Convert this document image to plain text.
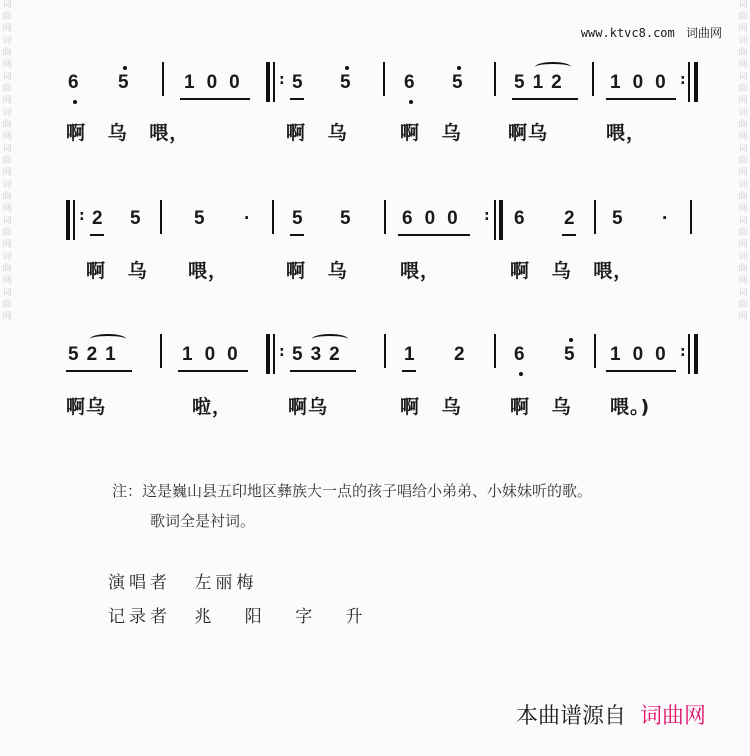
词
曲
网
词
曲
网
词
曲
网
词
曲
网
词
曲
网
词
曲
网
词
曲
网
词
曲
网
词
曲
网
词
曲
网
词
曲
网
词
曲
网
词
曲
网
词
曲
网
词
曲
网
词
曲
网
词
曲
网
词
曲
网
www.ktvc8.com 词曲网
6 5	100 : 5 5	6 5	512 100 :
啊 乌 喂，	啊 乌	啊 乌 啊乌	喂，
: 2 5	5 · 5 5	600 : 6 2 5 ·
啊 乌 喂，	啊 乌	喂，	啊 乌 喂，
521	100 : 532	1 2	6 5 100 :
啊乌	啦，	啊乌	啊 乌	啊 乌 喂。)
注：这是巍山县五印地区彝族大一点的孩子唱给小弟弟、小妹妹听的歌。
歌词全是衬词。
演唱者 左丽梅
记录者 兆 阳 字 升
本曲谱源自 词曲网
